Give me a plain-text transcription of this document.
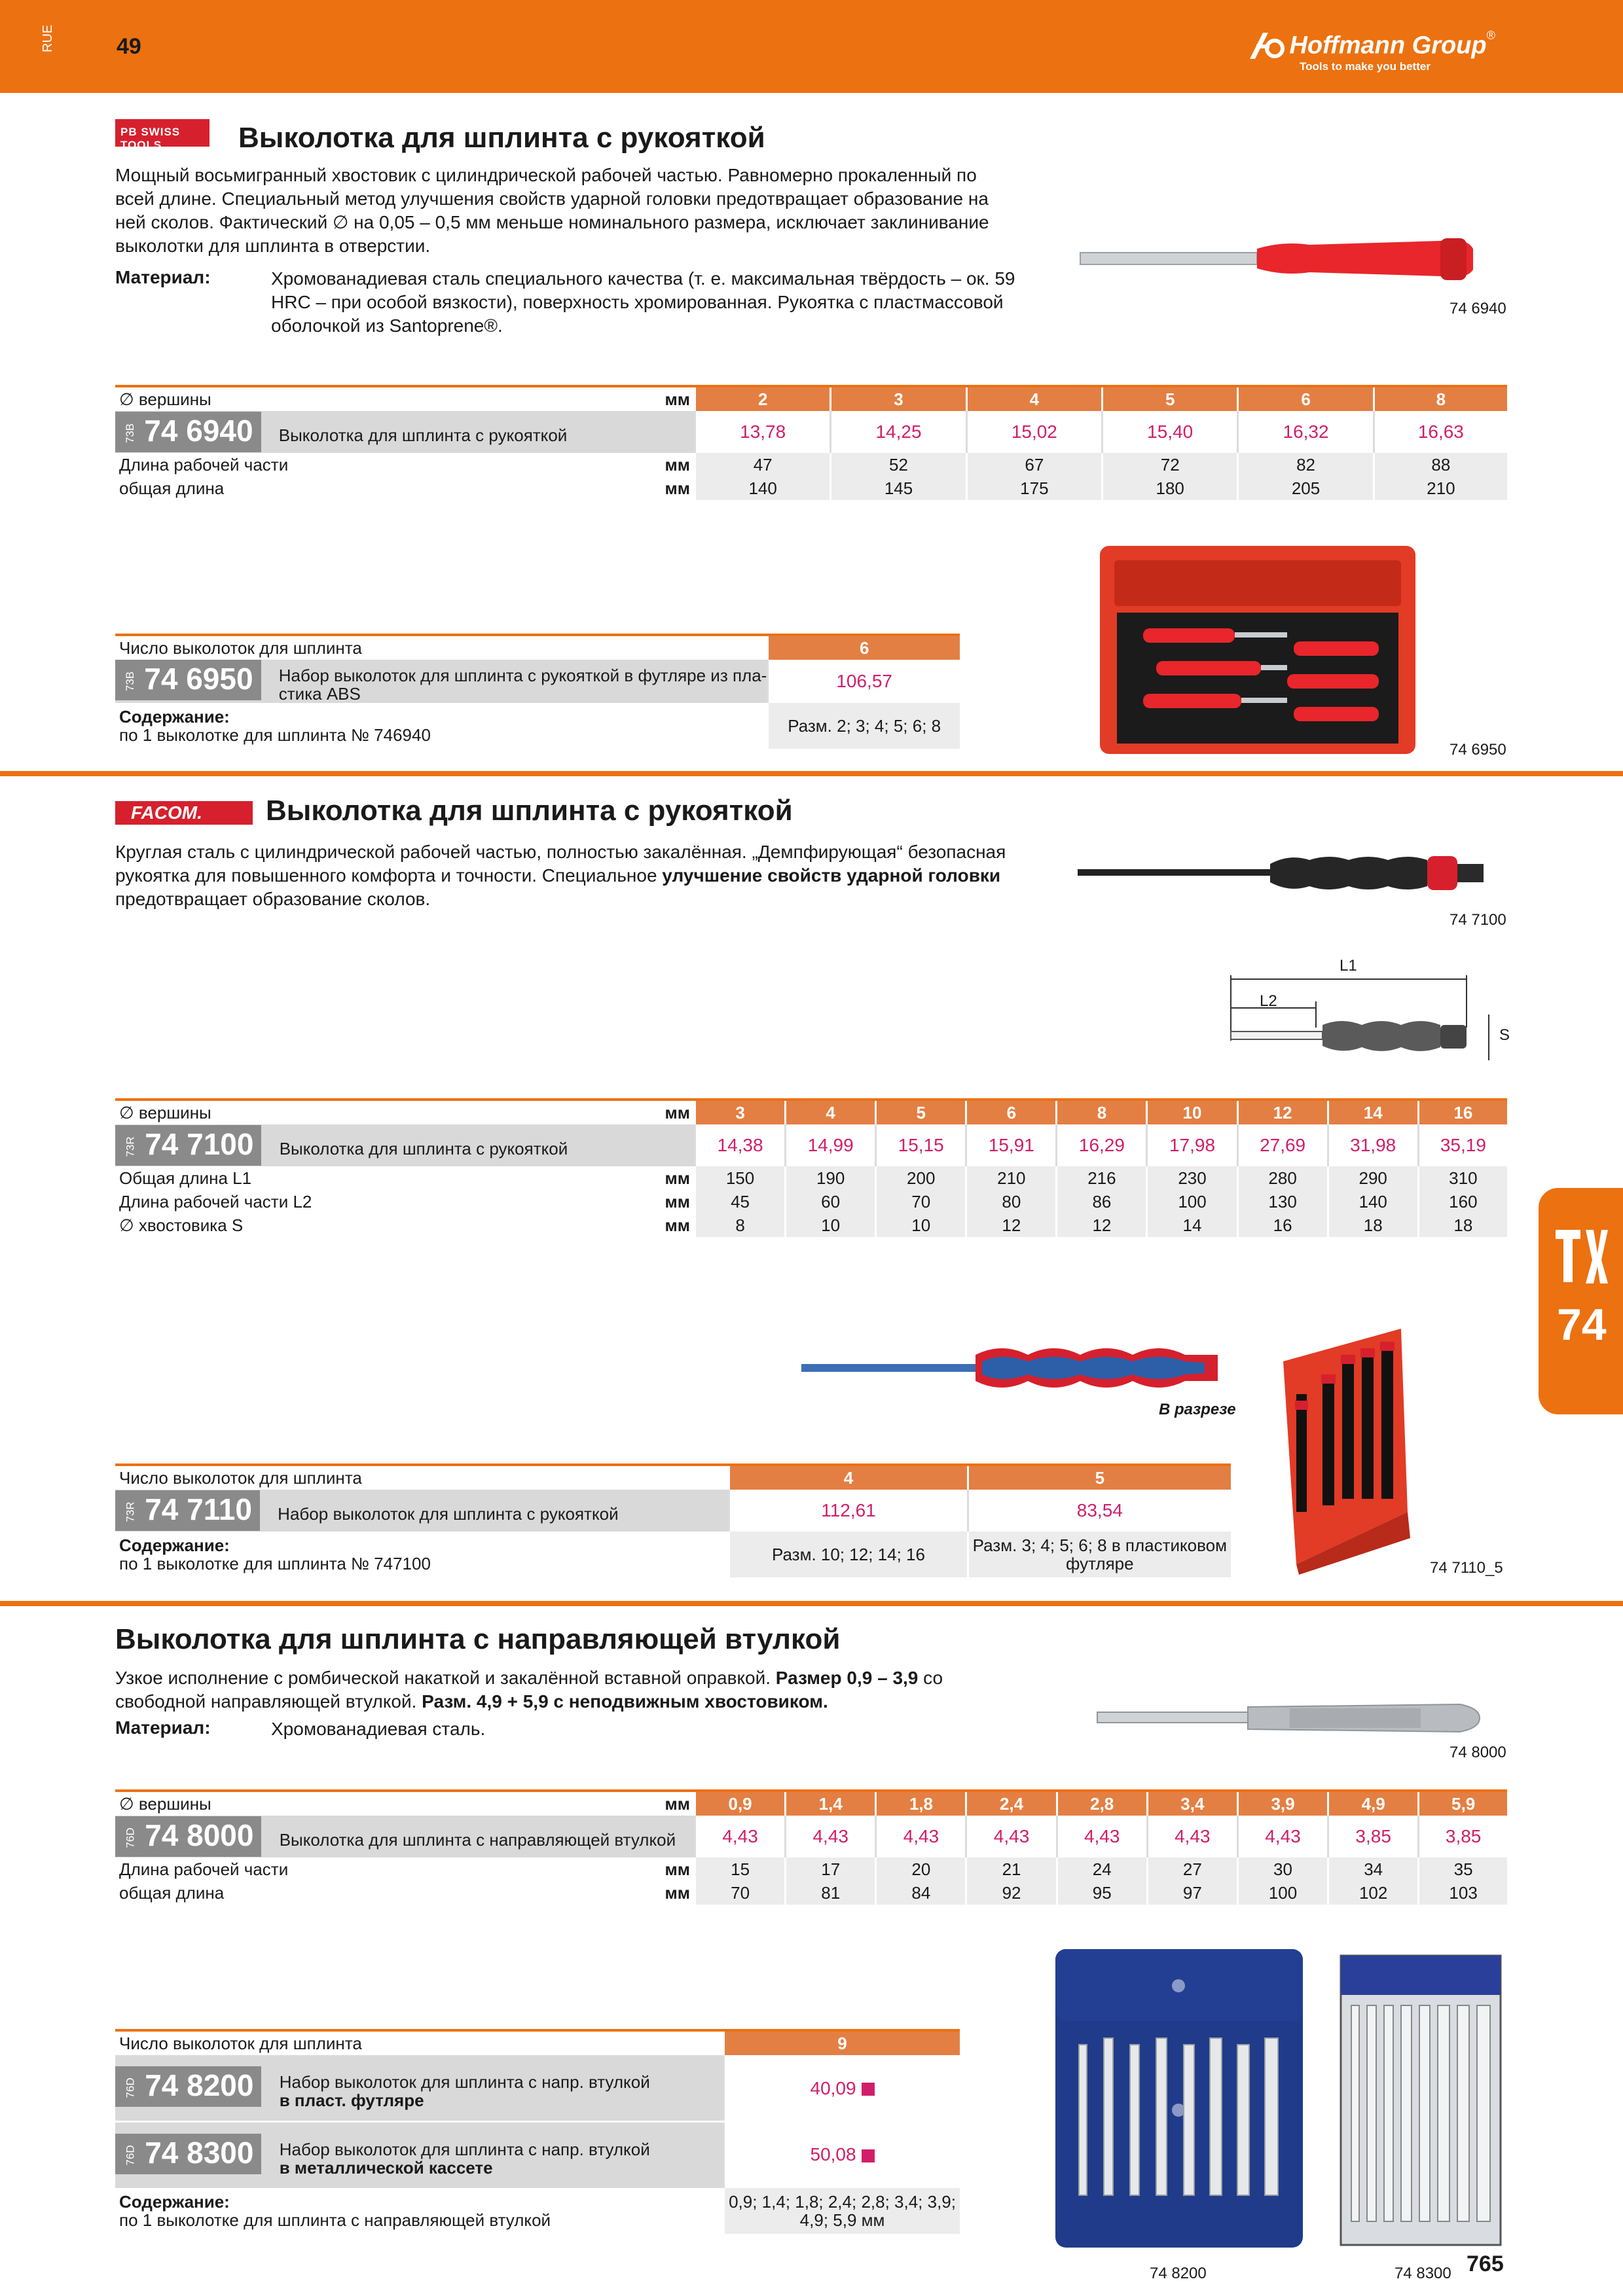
RUE	49	Hoffmann Group®
Tools to make you better
PB SWISS TOOLS	Выколотка для шплинта с рукояткой
Мощный восьмигранный хвостовик с цилиндрической рабочей частью. Равномерно прокаленный по
всей длине. Специальный метод улучшения свойств ударной головки предотвращает образование на
ней сколов. Фактический ∅ на 0,05 – 0,5 мм меньше номинального размера, исключает заклинивание
выколотки для шплинта в отверстии.
Материал:	Хромованадиевая сталь специального качества (т. е. максимальная твёрдость – ок. 59
HRC – при особой вязкости), поверхность хромированная. Рукоятка с пластмассовой
оболочкой из Santoprene®.
74 6940
∅ вершины	мм	2	3	4	5	6	8
73B 74 6940 Выколотка для шплинта с рукояткой		13,78	14,25	15,02	15,40	16,32	16,63
Длина рабочей части	мм	47	52	67	72	82	88
общая длина	мм	140	145	175	180	205	210
74 6950
Число выколоток для шплинта	6
73B 74 6950 Набор выколоток для шплинта с рукояткой в футляре из пла-
стика ABS	106,57
Содержание:
по 1 выколотке для шплинта № 746940	Разм. 2; 3; 4; 5; 6; 8
FACOM. Выколотка для шплинта с рукояткой
Круглая сталь с цилиндрической рабочей частью, полностью закалённая. „Демпфирующая“ безопасная
рукоятка для повышенного комфорта и точности. Специальное улучшение свойств ударной головки
предотвращает образование сколов.
74 7100
L1
L2
S
∅ вершины	мм	3	4	5	6	8	10	12	14	16
73R 74 7100 Выколотка для шплинта с рукояткой		14,38	14,99	15,15	15,91	16,29	17,98	27,69	31,98	35,19
Общая длина L1	мм	150	190	200	210	216	230	280	290	310
Длина рабочей части L2	мм	45	60	70	80	86	100	130	140	160
∅ хвостовика S	мм	8	10	10	12	12	14	16	18	18
В разрезе
74 7110_5
Число выколоток для шплинта	4	5
73R 74 7110 Набор выколоток для шплинта с рукояткой	112,61	83,54
Содержание:
по 1 выколотке для шплинта № 747100	Разм. 10; 12; 14; 16	Разм. 3; 4; 5; 6; 8 в пластиковом
футляре
74
Выколотка для шплинта с направляющей втулкой
Узкое исполнение с ромбической накаткой и закалённой вставной оправкой. Размер 0,9 – 3,9 со
свободной направляющей втулкой. Разм. 4,9 + 5,9 с неподвижным хвостовиком.
Материал:	Хромованадиевая сталь.
74 8000
∅ вершины	мм	0,9	1,4	1,8	2,4	2,8	3,4	3,9	4,9	5,9
76D 74 8000 Выколотка для шплинта с направляющей втулкой		4,43	4,43	4,43	4,43	4,43	4,43	4,43	3,85	3,85
Длина рабочей части	мм	15	17	20	21	24	27	30	34	35
общая длина	мм	70	81	84	92	95	97	100	102	103
74 8200	74 8300
Число выколоток для шплинта	9
76D 74 8200 Набор выколоток для шплинта с напр. втулкой
в пласт. футляре	40,09
76D 74 8300 Набор выколоток для шплинта с напр. втулкой
в металлической кассете	50,08
Содержание:
по 1 выколотке для шплинта с направляющей втулкой	0,9; 1,4; 1,8; 2,4; 2,8; 3,4; 3,9;
4,9; 5,9 мм
765
